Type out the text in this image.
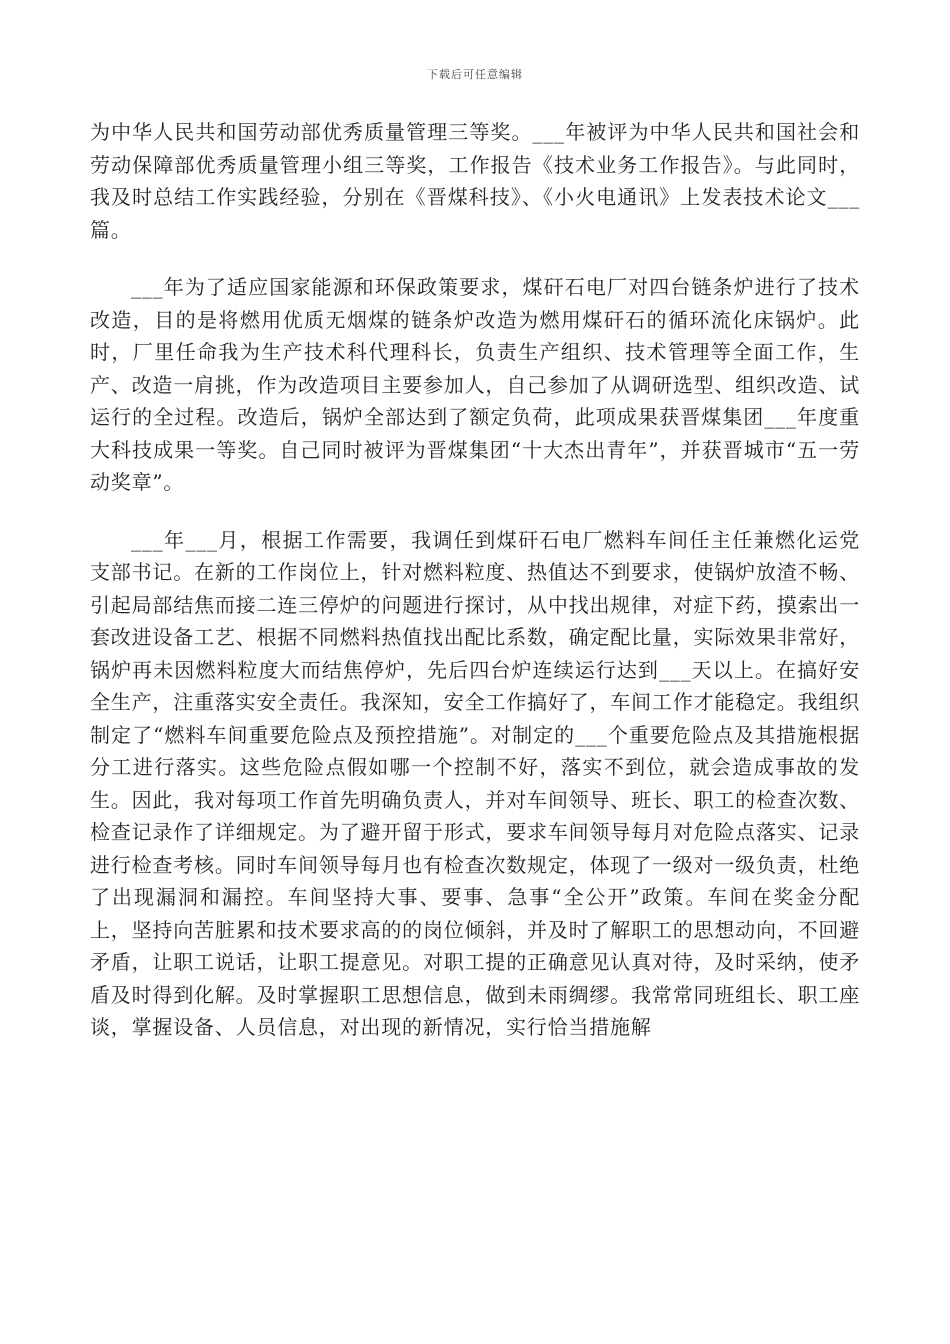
下载后可任意编辑

为中华人民共和国劳动部优秀质量管理三等奖。___年被评为中华人民共和国社会和劳动保障部优秀质量管理小组三等奖，工作报告《技术业务工作报告》。与此同时，我及时总结工作实践经验，分别在《晋煤科技》、《小火电通讯》上发表技术论文___篇。

___年为了适应国家能源和环保政策要求，煤矸石电厂对四台链条炉进行了技术改造，目的是将燃用优质无烟煤的链条炉改造为燃用煤矸石的循环流化床锅炉。此时，厂里任命我为生产技术科代理科长，负责生产组织、技术管理等全面工作，生产、改造一肩挑，作为改造项目主要参加人，自己参加了从调研选型、组织改造、试运行的全过程。改造后，锅炉全部达到了额定负荷，此项成果获晋煤集团___年度重大科技成果一等奖。自己同时被评为晋煤集团“十大杰出青年”，并获晋城市“五一劳动奖章”。

___年___月，根据工作需要，我调任到煤矸石电厂燃料车间任主任兼燃化运党支部书记。在新的工作岗位上，针对燃料粒度、热值达不到要求，使锅炉放渣不畅、引起局部结焦而接二连三停炉的问题进行探讨，从中找出规律，对症下药，摸索出一套改进设备工艺、根据不同燃料热值找出配比系数，确定配比量，实际效果非常好，锅炉再未因燃料粒度大而结焦停炉，先后四台炉连续运行达到___天以上。在搞好安全生产，注重落实安全责任。我深知，安全工作搞好了，车间工作才能稳定。我组织制定了“燃料车间重要危险点及预控措施”。对制定的___个重要危险点及其措施根据分工进行落实。这些危险点假如哪一个控制不好，落实不到位，就会造成事故的发生。因此，我对每项工作首先明确负责人，并对车间领导、班长、职工的检查次数、检查记录作了详细规定。为了避开留于形式，要求车间领导每月对危险点落实、记录进行检查考核。同时车间领导每月也有检查次数规定，体现了一级对一级负责，杜绝了出现漏洞和漏控。车间坚持大事、要事、急事“全公开”政策。车间在奖金分配上，坚持向苦脏累和技术要求高的的岗位倾斜，并及时了解职工的思想动向，不回避矛盾，让职工说话，让职工提意见。对职工提的正确意见认真对待，及时采纳，使矛盾及时得到化解。及时掌握职工思想信息，做到未雨绸缪。我常常同班组长、职工座谈，掌握设备、人员信息，对出现的新情况，实行恰当措施解
